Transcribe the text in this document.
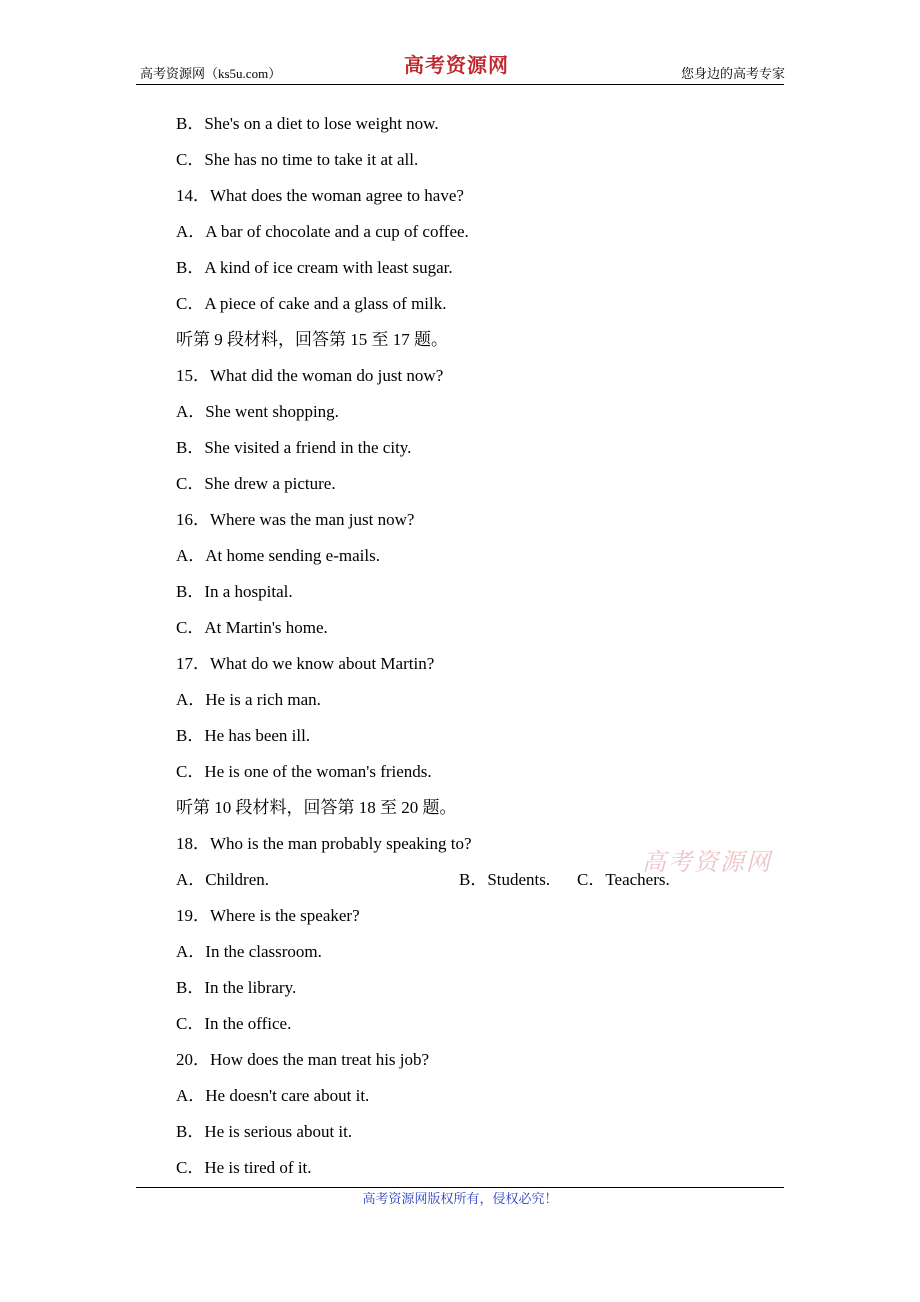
高考资源网（ks5u.com）	高考资源网	您身边的高考专家
B．She's on a diet to lose weight now.
C．She has no time to take it at all.
14．What does the woman agree to have?
A．A bar of chocolate and a cup of coffee.
B．A kind of ice cream with least sugar.
C．A piece of cake and a glass of milk.
听第 9 段材料，回答第 15 至 17 题。
15．What did the woman do just now?
A．She went shopping.
B．She visited a friend in the city.
C．She drew a picture.
16．Where was the man just now?
A．At home sending e-mails.
B．In a hospital.
C．At Martin's home.
17．What do we know about Martin?
A．He is a rich man.
B．He has been ill.
C．He is one of the woman's friends.
听第 10 段材料，回答第 18 至 20 题。
18．Who is the man probably speaking to?
A．Children.	B．Students. C．Teachers.
19．Where is the speaker?
A．In the classroom.
B．In the library.
C．In the office.
20．How does the man treat his job?
A．He doesn't care about it.
B．He is serious about it.
C．He is tired of it.
高考资源网
高考资源网版权所有，侵权必究！
